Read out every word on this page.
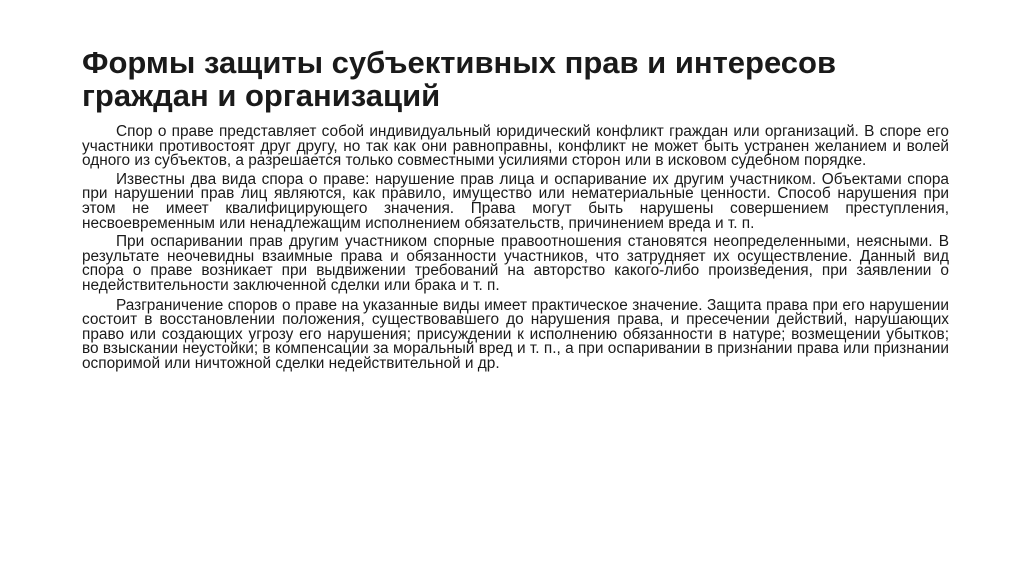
Формы защиты субъективных прав и интересов граждан и организаций

Спор о праве представляет собой индивидуальный юридический конфликт граждан или организаций. В споре его участники противостоят друг другу, но так как они равноправны, конфликт не может быть устранен желанием и волей одного из субъектов, а разрешается только совместными усилиями сторон или в исковом судебном порядке.

Известны два вида спора о праве: нарушение прав лица и оспаривание их другим участником. Объектами спора при нарушении прав лиц являются, как правило, имущество или нематериальные ценности. Способ нарушения при этом не имеет квалифицирующего значения. Права могут быть нарушены совершением преступления, несвоевременным или ненадлежащим исполнением обязательств, причинением вреда и т. п.

При оспаривании прав другим участником спорные правоотношения становятся неопределенными, неясными. В результате неочевидны взаимные права и обязанности участников, что затрудняет их осуществление. Данный вид спора о праве возникает при выдвижении требований на авторство какого-либо произведения, при заявлении о недействительности заключенной сделки или брака и т. п.

Разграничение споров о праве на указанные виды имеет практическое значение. Защита права при его нарушении состоит в восстановлении положения, существовавшего до нарушения права, и пресечении действий, нарушающих право или создающих угрозу его нарушения; присуждении к исполнению обязанности в натуре; возмещении убытков; во взыскании неустойки; в компенсации за моральный вред и т. п., а при оспаривании в признании права или признании оспоримой или ничтожной сделки недействительной и др.
